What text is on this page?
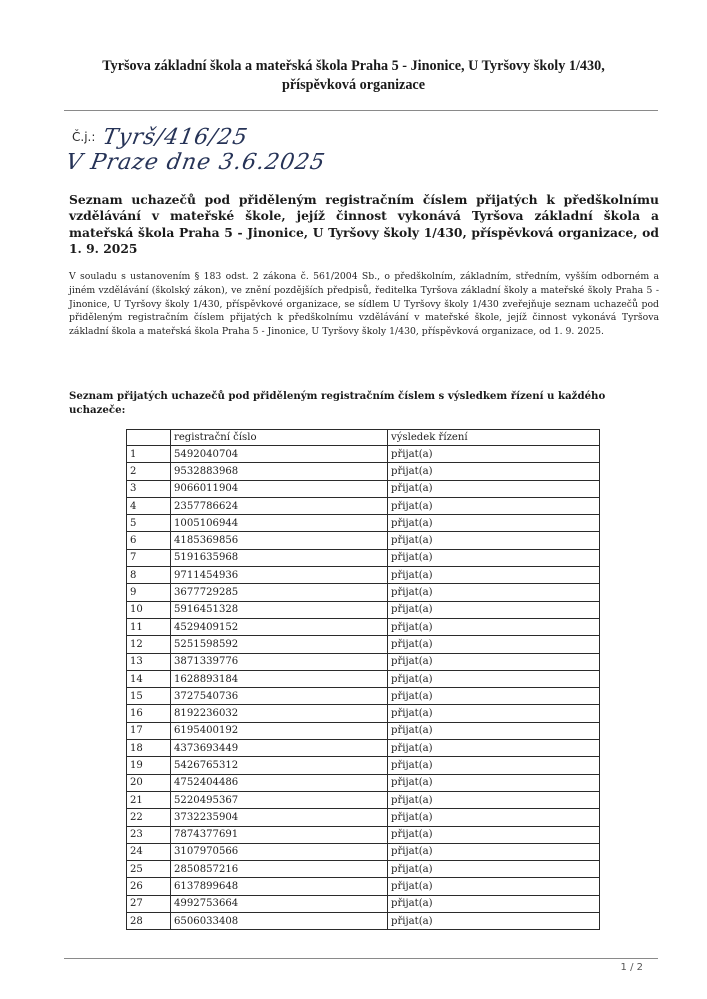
Tyršova základní škola a mateřská škola Praha 5 - Jinonice, U Tyršovy školy 1/430,
příspěvková organizace
Č.j.: Tyrš/416/25
V Praze dne 3.6.2025
Seznam uchazečů pod přiděleným registračním číslem přijatých k předškolnímu vzdělávání v mateřské škole, jejíž činnost vykonává Tyršova základní škola a mateřská škola Praha 5 - Jinonice, U Tyršovy školy 1/430, příspěvková organizace, od 1. 9. 2025
V souladu s ustanovením § 183 odst. 2 zákona č. 561/2004 Sb., o předškolním, základním, středním, vyšším odborném a jiném vzdělávání (školský zákon), ve znění pozdějších předpisů, ředitelka Tyršova základní školy a mateřské školy Praha 5 - Jinonice, U Tyršovy školy 1/430, příspěvkové organizace, se sídlem U Tyršovy školy 1/430 zveřejňuje seznam uchazečů pod přiděleným registračním číslem přijatých k předškolnímu vzdělávání v mateřské škole, jejíž činnost vykonává Tyršova základní škola a mateřská škola Praha 5 - Jinonice, U Tyršovy školy 1/430, příspěvková organizace, od 1. 9. 2025.
Seznam přijatých uchazečů pod přiděleným registračním číslem s výsledkem řízení u každého uchazeče:
	registrační číslo	výsledek řízení
1	5492040704	přijat(a)
2	9532883968	přijat(a)
3	9066011904	přijat(a)
4	2357786624	přijat(a)
5	1005106944	přijat(a)
6	4185369856	přijat(a)
7	5191635968	přijat(a)
8	9711454936	přijat(a)
9	3677729285	přijat(a)
10	5916451328	přijat(a)
11	4529409152	přijat(a)
12	5251598592	přijat(a)
13	3871339776	přijat(a)
14	1628893184	přijat(a)
15	3727540736	přijat(a)
16	8192236032	přijat(a)
17	6195400192	přijat(a)
18	4373693449	přijat(a)
19	5426765312	přijat(a)
20	4752404486	přijat(a)
21	5220495367	přijat(a)
22	3732235904	přijat(a)
23	7874377691	přijat(a)
24	3107970566	přijat(a)
25	2850857216	přijat(a)
26	6137899648	přijat(a)
27	4992753664	přijat(a)
28	6506033408	přijat(a)
1 / 2
